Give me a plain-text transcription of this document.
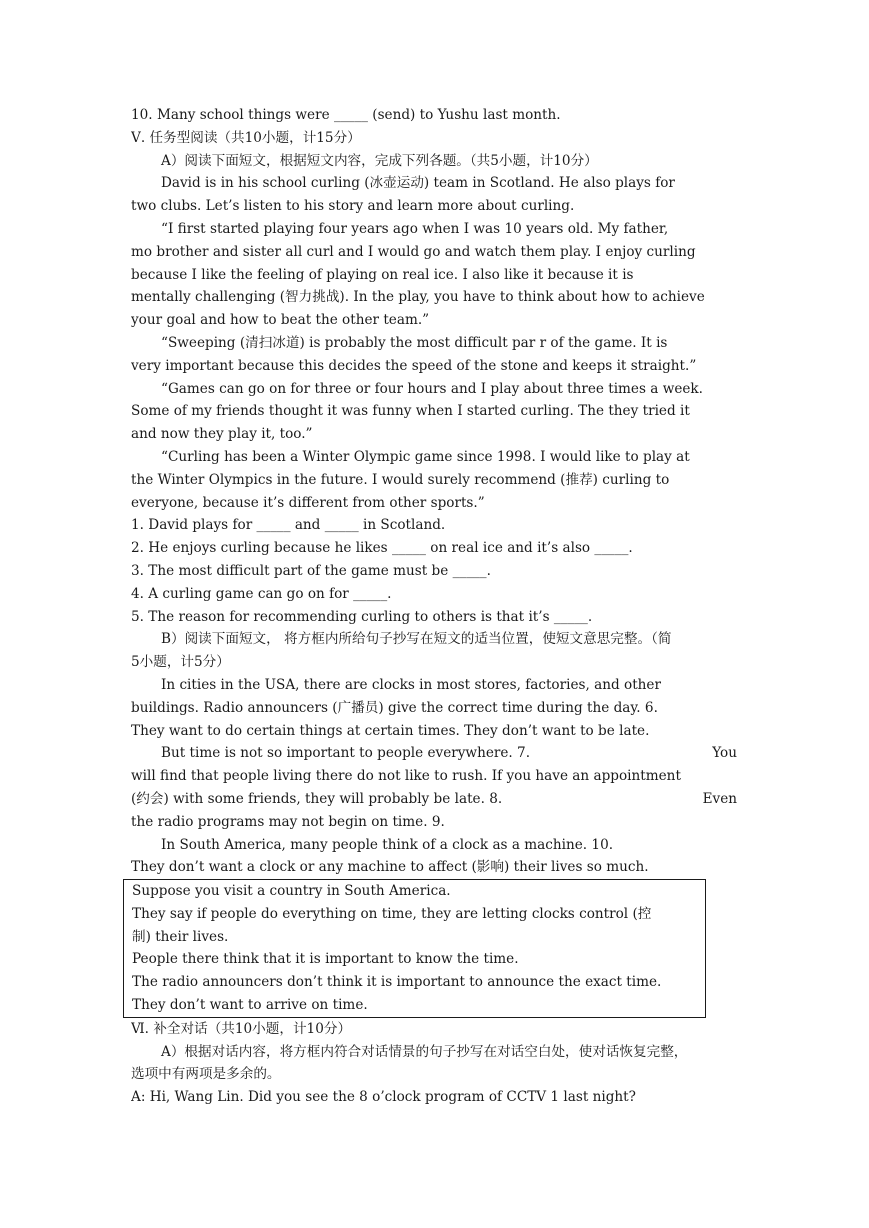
10. Many school things were _____ (send) to Yushu last month.
Ⅴ. 任务型阅读（共10小题，计15分）
A）阅读下面短文，根据短文内容，完成下列各题。（共5小题，计10分）
David is in his school curling (冰壶运动) team in Scotland. He also plays for
two clubs. Let’s listen to his story and learn more about curling.
“I first started playing four years ago when I was 10 years old. My father,
mo brother and sister all curl and I would go and watch them play. I enjoy curling
because I like the feeling of playing on real ice. I also like it because it is
mentally challenging (智力挑战). In the play, you have to think about how to achieve
your goal and how to beat the other team.”
“Sweeping (清扫冰道) is probably the most difficult par r of the game. It is
very important because this decides the speed of the stone and keeps it straight.”
“Games can go on for three or four hours and I play about three times a week.
Some of my friends thought it was funny when I started curling. The they tried it
and now they play it, too.”
“Curling has been a Winter Olympic game since 1998. I would like to play at
the Winter Olympics in the future. I would surely recommend (推荐) curling to
everyone, because it’s different from other sports.”
1. David plays for _____ and _____ in Scotland.
2. He enjoys curling because he likes _____ on real ice and it’s also _____.
3. The most difficult part of the game must be _____.
4. A curling game can go on for _____.
5. The reason for recommending curling to others is that it’s _____.
B）阅读下面短文， 将方框内所给句子抄写在短文的适当位置，使短文意思完整。（简
5小题，计5分）
In cities in the USA, there are clocks in most stores, factories, and other
buildings. Radio announcers (广播员) give the correct time during the day. 6.
They want to do certain things at certain times. They don’t want to be late.
But time is not so important to people everywhere. 7.	You
will find that people living there do not like to rush. If you have an appointment
(约会) with some friends, they will probably be late. 8.	Even
the radio programs may not begin on time. 9.
In South America, many people think of a clock as a machine. 10.
They don’t want a clock or any machine to affect (影响) their lives so much.
Suppose you visit a country in South America.
They say if people do everything on time, they are letting clocks control (控
制) their lives.
People there think that it is important to know the time.
The radio announcers don’t think it is important to announce the exact time.
They don’t want to arrive on time.
Ⅵ. 补全对话（共10小题，计10分）
A）根据对话内容，将方框内符合对话情景的句子抄写在对话空白处，使对话恢复完整，
选项中有两项是多余的。
A: Hi, Wang Lin. Did you see the 8 o’clock program of CCTV 1 last night?
